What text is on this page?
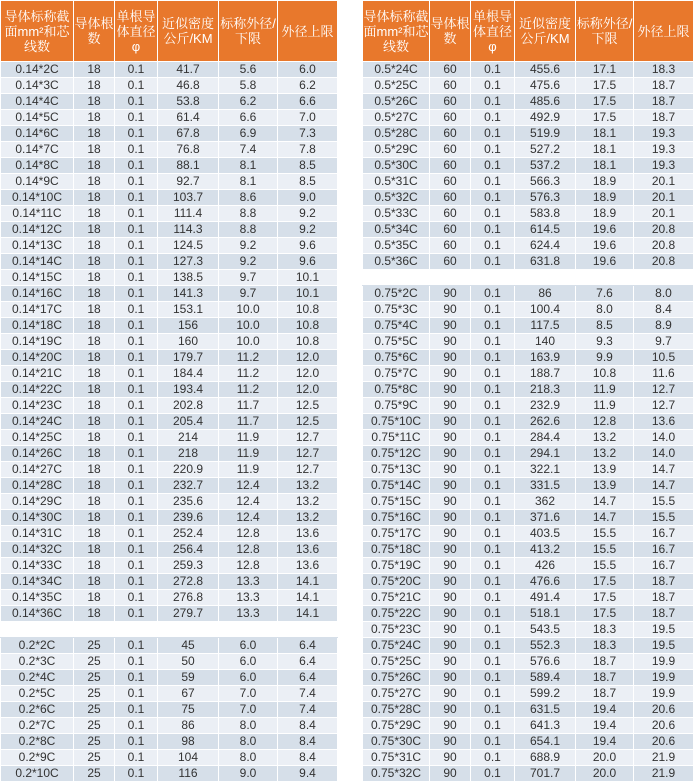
导体标称截面mm²和芯线数	导体根数	单根导体直径φ	近似密度公斤/KM	标称外径/下限	外径上限
0.14*2C	18	0.1	41.7	5.6	6.0
0.14*3C	18	0.1	46.8	5.8	6.2
0.14*4C	18	0.1	53.8	6.2	6.6
0.14*5C	18	0.1	61.4	6.6	7.0
0.14*6C	18	0.1	67.8	6.9	7.3
0.14*7C	18	0.1	76.8	7.4	7.8
0.14*8C	18	0.1	88.1	8.1	8.5
0.14*9C	18	0.1	92.7	8.1	8.5
0.14*10C	18	0.1	103.7	8.6	9.0
0.14*11C	18	0.1	111.4	8.8	9.2
0.14*12C	18	0.1	114.3	8.8	9.2
0.14*13C	18	0.1	124.5	9.2	9.6
0.14*14C	18	0.1	127.3	9.2	9.6
0.14*15C	18	0.1	138.5	9.7	10.1
0.14*16C	18	0.1	141.3	9.7	10.1
0.14*17C	18	0.1	153.1	10.0	10.8
0.14*18C	18	0.1	156	10.0	10.8
0.14*19C	18	0.1	160	10.0	10.8
0.14*20C	18	0.1	179.7	11.2	12.0
0.14*21C	18	0.1	184.4	11.2	12.0
0.14*22C	18	0.1	193.4	11.2	12.0
0.14*23C	18	0.1	202.8	11.7	12.5
0.14*24C	18	0.1	205.4	11.7	12.5
0.14*25C	18	0.1	214	11.9	12.7
0.14*26C	18	0.1	218	11.9	12.7
0.14*27C	18	0.1	220.9	11.9	12.7
0.14*28C	18	0.1	232.7	12.4	13.2
0.14*29C	18	0.1	235.6	12.4	13.2
0.14*30C	18	0.1	239.6	12.4	13.2
0.14*31C	18	0.1	252.4	12.8	13.6
0.14*32C	18	0.1	256.4	12.8	13.6
0.14*33C	18	0.1	259.3	12.8	13.6
0.14*34C	18	0.1	272.8	13.3	14.1
0.14*35C	18	0.1	276.8	13.3	14.1
0.14*36C	18	0.1	279.7	13.3	14.1

0.2*2C	25	0.1	45	6.0	6.4
0.2*3C	25	0.1	50	6.0	6.4
0.2*4C	25	0.1	59	6.0	6.4
0.2*5C	25	0.1	67	7.0	7.4
0.2*6C	25	0.1	75	7.0	7.4
0.2*7C	25	0.1	86	8.0	8.4
0.2*8C	25	0.1	98	8.0	8.4
0.2*9C	25	0.1	104	8.0	8.4
0.2*10C	25	0.1	116	9.0	9.4
导体标称截面mm²和芯线数	导体根数	单根导体直径φ	近似密度公斤/KM	标称外径/下限	外径上限
0.5*24C	60	0.1	455.6	17.1	18.3
0.5*25C	60	0.1	475.6	17.5	18.7
0.5*26C	60	0.1	485.6	17.5	18.7
0.5*27C	60	0.1	492.9	17.5	18.7
0.5*28C	60	0.1	519.9	18.1	19.3
0.5*29C	60	0.1	527.2	18.1	19.3
0.5*30C	60	0.1	537.2	18.1	19.3
0.5*31C	60	0.1	566.3	18.9	20.1
0.5*32C	60	0.1	576.3	18.9	20.1
0.5*33C	60	0.1	583.8	18.9	20.1
0.5*34C	60	0.1	614.5	19.6	20.8
0.5*35C	60	0.1	624.4	19.6	20.8
0.5*36C	60	0.1	631.8	19.6	20.8

0.75*2C	90	0.1	86	7.6	8.0
0.75*3C	90	0.1	100.4	8.0	8.4
0.75*4C	90	0.1	117.5	8.5	8.9
0.75*5C	90	0.1	140	9.3	9.7
0.75*6C	90	0.1	163.9	9.9	10.5
0.75*7C	90	0.1	188.7	10.8	11.6
0.75*8C	90	0.1	218.3	11.9	12.7
0.75*9C	90	0.1	232.9	11.9	12.7
0.75*10C	90	0.1	262.6	12.8	13.6
0.75*11C	90	0.1	284.4	13.2	14.0
0.75*12C	90	0.1	294.1	13.2	14.0
0.75*13C	90	0.1	322.1	13.9	14.7
0.75*14C	90	0.1	331.5	13.9	14.7
0.75*15C	90	0.1	362	14.7	15.5
0.75*16C	90	0.1	371.6	14.7	15.5
0.75*17C	90	0.1	403.5	15.5	16.7
0.75*18C	90	0.1	413.2	15.5	16.7
0.75*19C	90	0.1	426	15.5	16.7
0.75*20C	90	0.1	476.6	17.5	18.7
0.75*21C	90	0.1	491.4	17.5	18.7
0.75*22C	90	0.1	518.1	17.5	18.7
0.75*23C	90	0.1	543.5	18.3	19.5
0.75*24C	90	0.1	552.3	18.3	19.5
0.75*25C	90	0.1	576.6	18.7	19.9
0.75*26C	90	0.1	589.4	18.7	19.9
0.75*27C	90	0.1	599.2	18.7	19.9
0.75*28C	90	0.1	631.5	19.4	20.6
0.75*29C	90	0.1	641.3	19.4	20.6
0.75*30C	90	0.1	654.1	19.4	20.6
0.75*31C	90	0.1	688.9	20.0	21.9
0.75*32C	90	0.1	701.7	20.0	21.9
